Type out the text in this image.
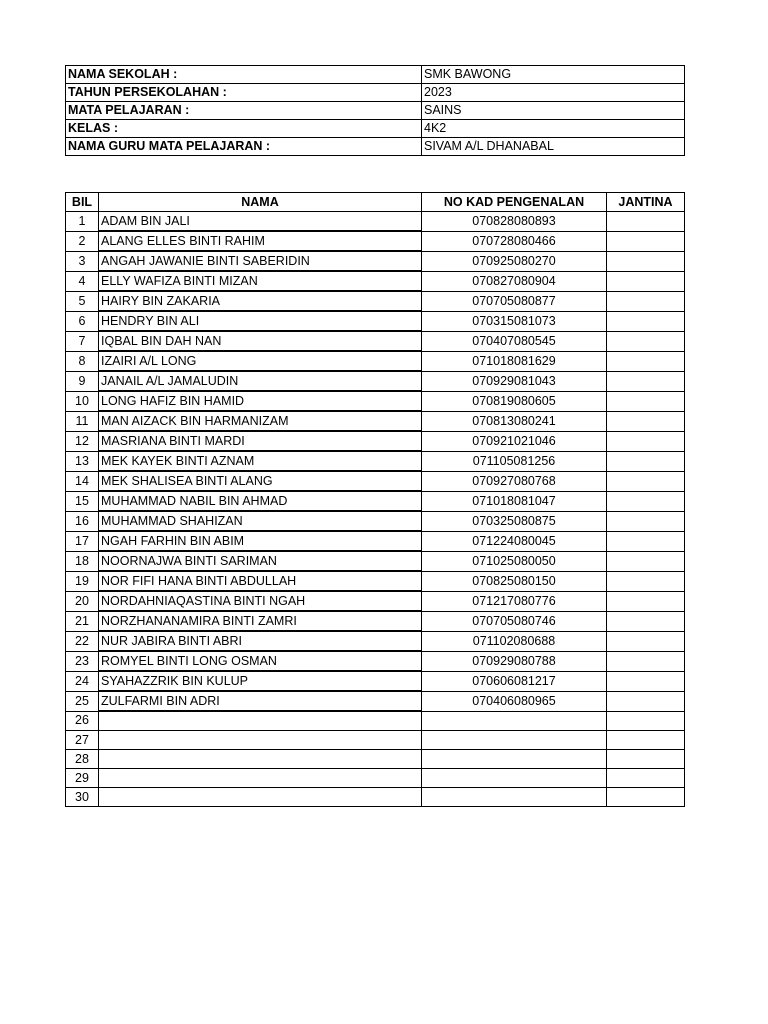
NAMA SEKOLAH :	SMK BAWONG
TAHUN PERSEKOLAHAN :	2023
MATA PELAJARAN :	SAINS
KELAS :	4K2
NAMA GURU MATA PELAJARAN :	SIVAM A/L DHANABAL
BIL	NAMA	NO KAD PENGENALAN	JANTINA
1	ADAM BIN JALI	070828080893	
2	ALANG ELLES BINTI RAHIM	070728080466	
3	ANGAH JAWANIE BINTI SABERIDIN	070925080270	
4	ELLY WAFIZA BINTI MIZAN	070827080904	
5	HAIRY BIN ZAKARIA	070705080877	
6	HENDRY BIN ALI	070315081073	
7	IQBAL BIN DAH NAN	070407080545	
8	IZAIRI A/L LONG	071018081629	
9	JANAIL A/L JAMALUDIN	070929081043	
10	LONG HAFIZ BIN HAMID	070819080605	
11	MAN AIZACK BIN HARMANIZAM	070813080241	
12	MASRIANA BINTI MARDI	070921021046	
13	MEK KAYEK BINTI AZNAM	071105081256	
14	MEK SHALISEA BINTI ALANG	070927080768	
15	MUHAMMAD NABIL BIN AHMAD	071018081047	
16	MUHAMMAD SHAHIZAN	070325080875	
17	NGAH FARHIN BIN ABIM	071224080045	
18	NOORNAJWA BINTI SARIMAN	071025080050	
19	NOR FIFI HANA BINTI ABDULLAH	070825080150	
20	NORDAHNIAQASTINA BINTI NGAH	071217080776	
21	NORZHANANAMIRA BINTI ZAMRI	070705080746	
22	NUR JABIRA BINTI ABRI	071102080688	
23	ROMYEL BINTI LONG OSMAN	070929080788	
24	SYAHAZZRIK BIN KULUP	070606081217	
25	ZULFARMI BIN ADRI	070406080965	
26			
27			
28			
29			
30			
